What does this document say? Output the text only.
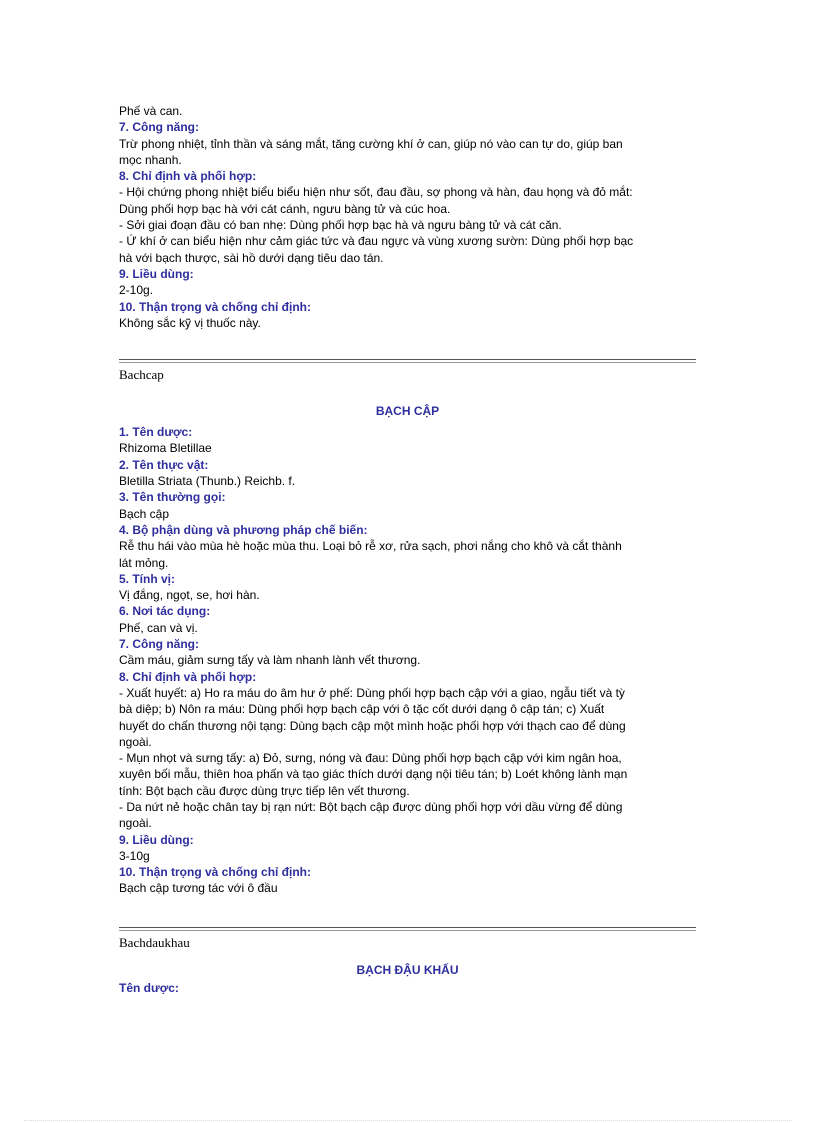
Phế và can.
7. Công năng:
Trừ phong nhiệt, tỉnh thần và sáng mắt, tăng cường khí ở can, giúp nó vào can tự do, giúp ban
mọc nhanh.
8. Chỉ định và phối hợp:
- Hội chứng phong nhiệt biểu biểu hiện như sốt, đau đầu, sợ phong và hàn, đau họng và đỏ mắt:
Dùng phối hợp bạc hà với cát cánh, ngưu bàng tử và cúc hoa.
- Sởi giai đoạn đầu có ban nhẹ: Dùng phối hợp bạc hà và ngưu bàng tử và cát căn.
- Ứ khí ở can biểu hiện như cảm giác tức và đau ngực và vùng xương sườn: Dùng phối hợp bạc
hà với bạch thược, sài hồ dưới dạng tiêu dao tán.
9. Liều dùng:
2-10g.
10. Thận trọng và chống chỉ định:
Không sắc kỹ vị thuốc này.
Bachcap
BẠCH CẬP
1. Tên dược:
Rhizoma Bletillae
2. Tên thực vật:
Bletilla Striata (Thunb.) Reichb. f.
3. Tên thường gọi:
Bạch cập
4. Bộ phận dùng và phương pháp chế biến:
Rễ thu hái vào mùa hè hoặc mùa thu. Loại bỏ rễ xơ, rửa sạch, phơi nắng cho khô và cắt thành
lát mỏng.
5. Tính vị:
Vị đắng, ngọt, se, hơi hàn.
6. Nơi tác dụng:
Phế, can và vị.
7. Công năng:
Cầm máu, giảm sưng tấy và làm nhanh lành vết thương.
8. Chỉ định và phối hợp:
- Xuất huyết: a) Ho ra máu do âm hư ở phế: Dùng phối hợp bạch cập với a giao, ngẫu tiết và tỳ
bà diệp; b) Nôn ra máu: Dùng phối hợp bạch cập với ô tặc cốt dưới dạng ô cập tán; c) Xuất
huyết do chấn thương nội tạng: Dùng bạch cập một mình hoặc phối hợp với thạch cao để dùng
ngoài.
- Mụn nhọt và sưng tấy: a) Đỏ, sưng, nóng và đau: Dùng phối hợp bạch cập với kim ngân hoa,
xuyên bối mẫu, thiên hoa phấn và tạo giác thích dưới dạng nội tiêu tán; b) Loét không lành mạn
tính: Bột bạch cầu được dùng trực tiếp lên vết thương.
- Da nứt nẻ hoặc chân tay bị rạn nứt: Bột bạch cập được dùng phối hợp với dầu vừng để dùng
ngoài.
9. Liều dùng:
3-10g
10. Thận trọng và chống chỉ định:
Bạch cập tương tác với ô đầu
Bachdaukhau
BẠCH ĐẬU KHẤU
Tên dược:
